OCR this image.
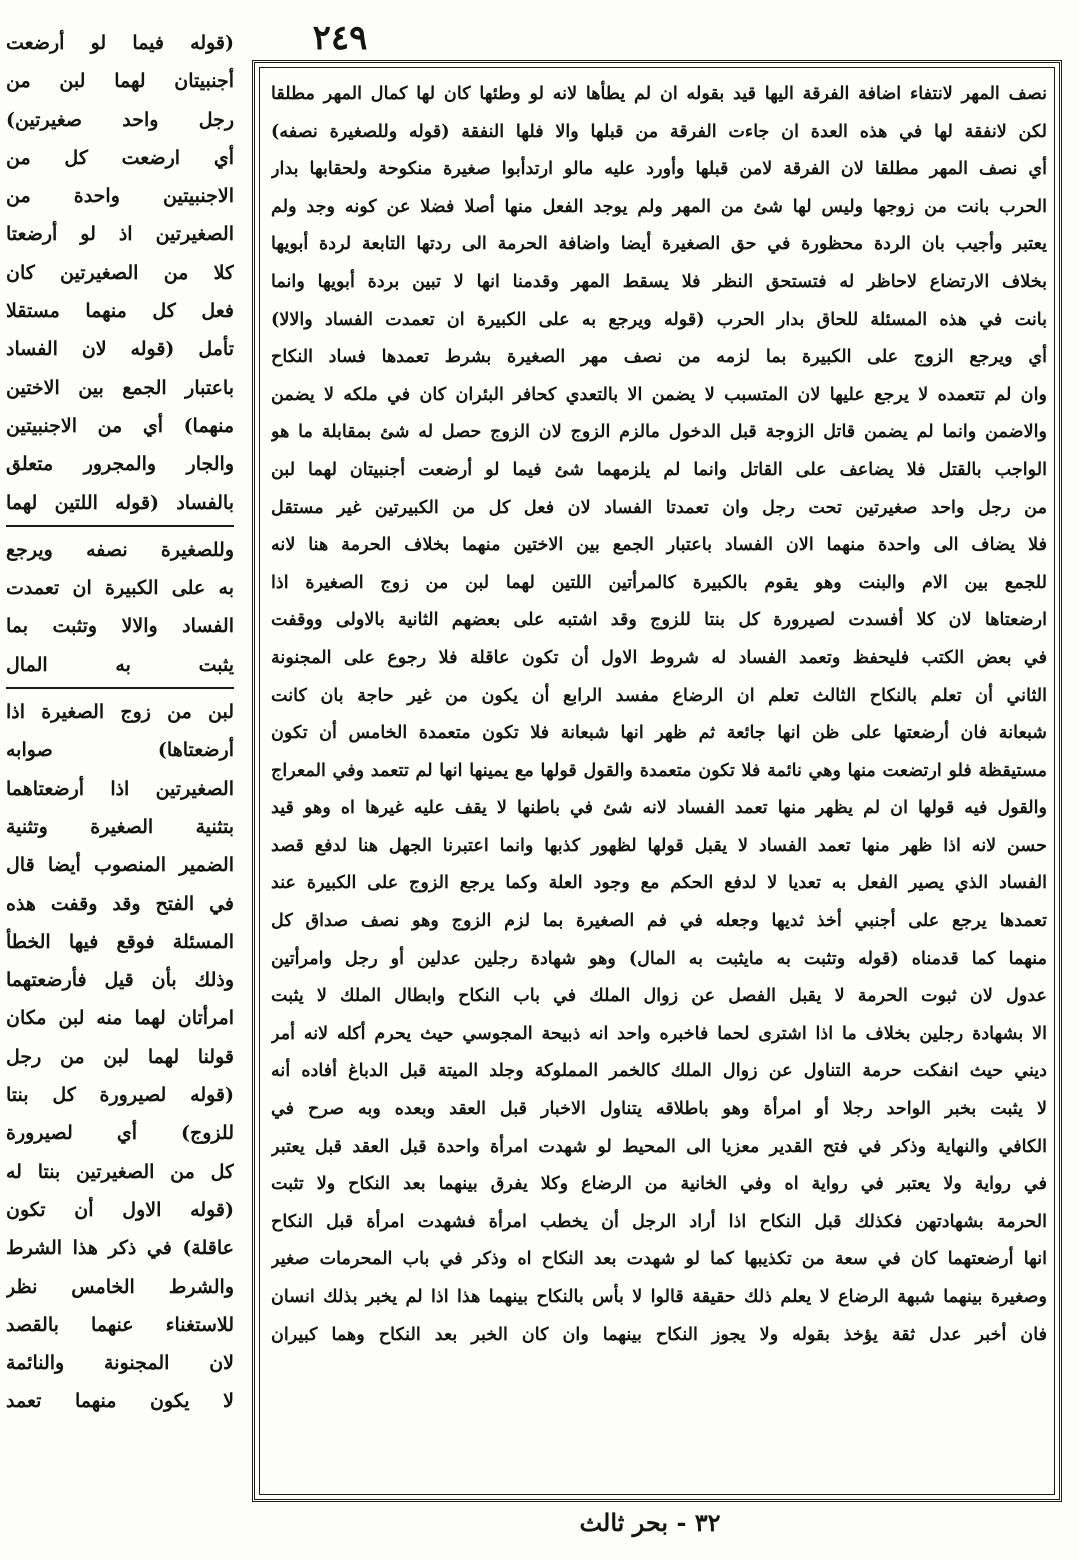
٢٤٩
نصف المهر لانتفاء اضافة الفرقة اليها قيد بقوله ان لم يطأها لانه لو وطئها كان لها كمال المهر مطلقا
لكن لانفقة لها في هذه العدة ان جاءت الفرقة من قبلها والا فلها النفقة (قوله وللصغيرة نصفه)
أي نصف المهر مطلقا لان الفرقة لامن قبلها وأورد عليه مالو ارتدأبوا صغيرة منكوحة ولحقابها بدار
الحرب بانت من زوجها وليس لها شئ من المهر ولم يوجد الفعل منها أصلا فضلا عن كونه وجد ولم
يعتبر وأجيب بان الردة محظورة في حق الصغيرة أيضا واضافة الحرمة الى ردتها التابعة لردة أبويها
بخلاف الارتضاع لاحاظر له فتستحق النظر فلا يسقط المهر وقدمنا انها لا تبين بردة أبويها وانما
بانت في هذه المسئلة للحاق بدار الحرب (قوله ويرجع به على الكبيرة ان تعمدت الفساد والالا)
أي ويرجع الزوج على الكبيرة بما لزمه من نصف مهر الصغيرة بشرط تعمدها فساد النكاح
وان لم تتعمده لا يرجع عليها لان المتسبب لا يضمن الا بالتعدي كحافر البئران كان في ملكه لا يضمن
والاضمن وانما لم يضمن قاتل الزوجة قبل الدخول مالزم الزوج لان الزوج حصل له شئ بمقابلة ما هو
الواجب بالقتل فلا يضاعف على القاتل وانما لم يلزمهما شئ فيما لو أرضعت أجنبيتان لهما لبن
من رجل واحد صغيرتين تحت رجل وان تعمدتا الفساد لان فعل كل من الكبيرتين غير مستقل
فلا يضاف الى واحدة منهما الان الفساد باعتبار الجمع بين الاختين منهما بخلاف الحرمة هنا لانه
للجمع بين الام والبنت وهو يقوم بالكبيرة كالمرأتين اللتين لهما لبن من زوج الصغيرة اذا
ارضعتاها لان كلا أفسدت لصيرورة كل بنتا للزوج وقد اشتبه على بعضهم الثانية بالاولى ووقفت
في بعض الكتب فليحفظ وتعمد الفساد له شروط الاول أن تكون عاقلة فلا رجوع على المجنونة
الثاني أن تعلم بالنكاح الثالث تعلم ان الرضاع مفسد الرابع أن يكون من غير حاجة بان كانت
شبعانة فان أرضعتها على ظن انها جائعة ثم ظهر انها شبعانة فلا تكون متعمدة الخامس أن تكون
مستيقظة فلو ارتضعت منها وهي نائمة فلا تكون متعمدة والقول قولها مع يمينها انها لم تتعمد وفي المعراج
والقول فيه قولها ان لم يظهر منها تعمد الفساد لانه شئ في باطنها لا يقف عليه غيرها اه وهو قيد
حسن لانه اذا ظهر منها تعمد الفساد لا يقبل قولها لظهور كذبها وانما اعتبرنا الجهل هنا لدفع قصد
الفساد الذي يصير الفعل به تعديا لا لدفع الحكم مع وجود العلة وكما يرجع الزوج على الكبيرة عند
تعمدها يرجع على أجنبي أخذ ثديها وجعله في فم الصغيرة بما لزم الزوج وهو نصف صداق كل
منهما كما قدمناه (قوله وتثبت به مايثبت به المال) وهو شهادة رجلين عدلين أو رجل وامرأتين
عدول لان ثبوت الحرمة لا يقبل الفصل عن زوال الملك في باب النكاح وابطال الملك لا يثبت
الا بشهادة رجلين بخلاف ما اذا اشترى لحما فاخبره واحد انه ذبيحة المجوسي حيث يحرم أكله لانه أمر
ديني حيث انفكت حرمة التناول عن زوال الملك كالخمر المملوكة وجلد الميتة قبل الدباغ أفاده أنه
لا يثبت بخبر الواحد رجلا أو امرأة وهو باطلاقه يتناول الاخبار قبل العقد وبعده وبه صرح في
الكافي والنهاية وذكر في فتح القدير معزيا الى المحيط لو شهدت امرأة واحدة قبل العقد قبل يعتبر
في رواية ولا يعتبر في رواية اه وفي الخانية من الرضاع وكلا يفرق بينهما بعد النكاح ولا تثبت
الحرمة بشهادتهن فكذلك قبل النكاح اذا أراد الرجل أن يخطب امرأة فشهدت امرأة قبل النكاح
انها أرضعتهما كان في سعة من تكذيبها كما لو شهدت بعد النكاح اه وذكر في باب المحرمات صغير
وصغيرة بينهما شبهة الرضاع لا يعلم ذلك حقيقة قالوا لا بأس بالنكاح بينهما هذا اذا لم يخبر بذلك انسان
فان أخبر عدل ثقة يؤخذ بقوله ولا يجوز النكاح بينهما وان كان الخبر بعد النكاح وهما كبيران
(قوله فيما لو أرضعت
أجنبيتان لهما لبن من
رجل واحد صغيرتين)
أي ارضعت كل من
الاجنبيتين واحدة من
الصغيرتين اذ لو أرضعتا
كلا من الصغيرتين كان
فعل كل منهما مستقلا
تأمل (قوله لان الفساد
باعتبار الجمع بين الاختين
منهما) أي من الاجنبيتين
والجار والمجرور متعلق
بالفساد (قوله اللتين لهما
وللصغيرة نصفه ويرجع
به على الكبيرة ان تعمدت
الفساد والالا وتثبت بما
يثبت به المال
لبن من زوج الصغيرة اذا
أرضعتاها) صوابه
الصغيرتين اذا أرضعتاهما
بتثنية الصغيرة وتثنية
الضمير المنصوب أيضا قال
في الفتح وقد وقفت هذه
المسئلة فوقع فيها الخطأ
وذلك بأن قيل فأرضعتهما
امرأتان لهما منه لبن مكان
قولنا لهما لبن من رجل
(قوله لصيرورة كل بنتا
للزوج) أي لصيرورة
كل من الصغيرتين بنتا له
(قوله الاول أن تكون
عاقلة) في ذكر هذا الشرط
والشرط الخامس نظر
للاستغناء عنهما بالقصد
لان المجنونة والنائمة
لا يكون منهما تعمد
٣٢ - بحر ثالث
